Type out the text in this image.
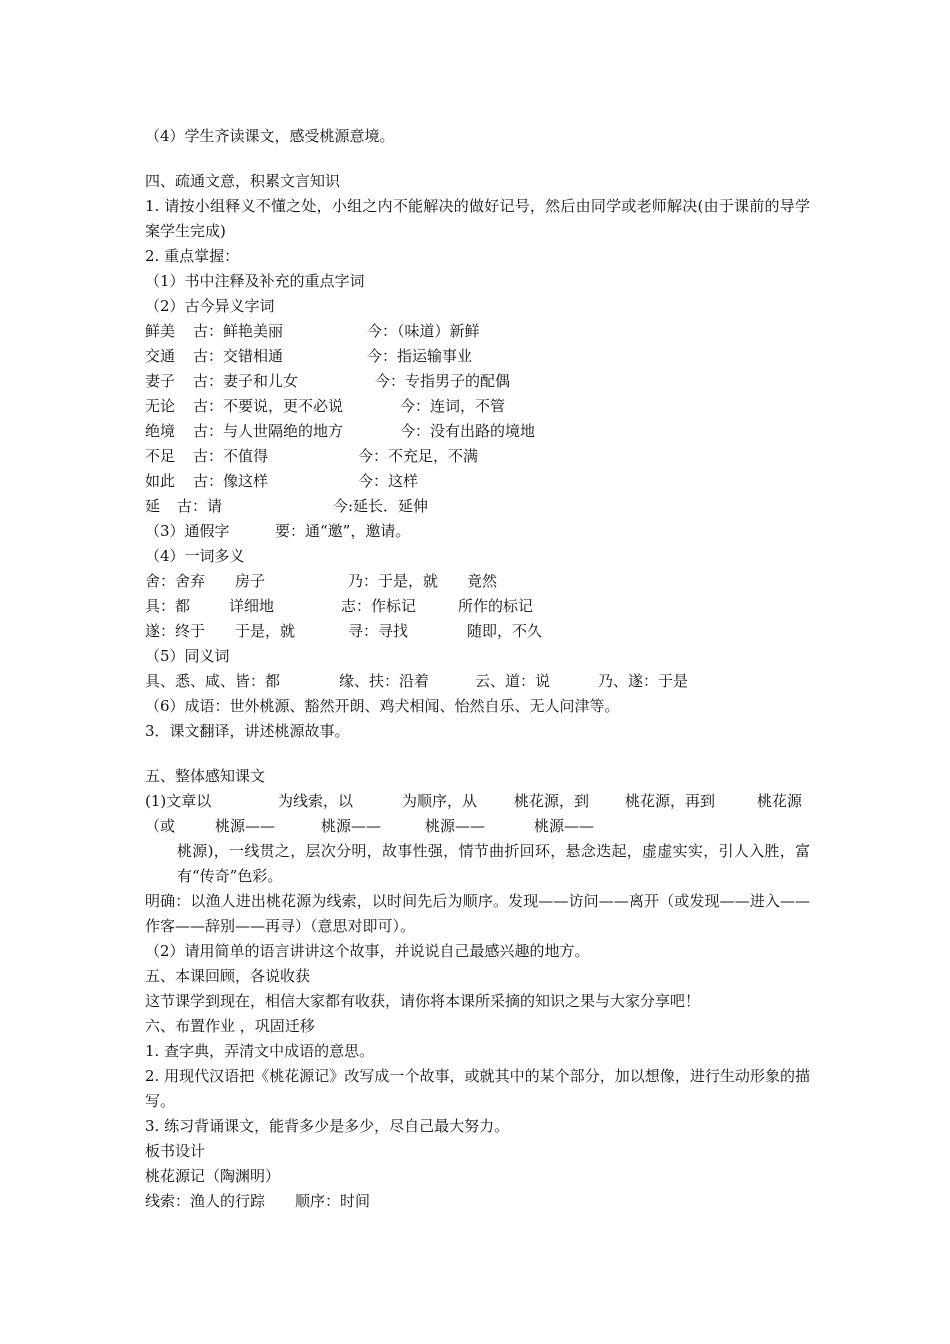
（4）学生齐读课文，感受桃源意境。
四、疏通文意，积累文言知识
1. 请按小组释义不懂之处，小组之内不能解决的做好记号，然后由同学或老师解决(由于课前的导学案学生完成)
2. 重点掌握：
（1）书中注释及补充的重点字词
（2）古今异义字词
鲜美 古：鲜艳美丽	今：（味道）新鲜
交通 古：交错相通	今：指运输事业
妻子 古：妻子和儿女	今：专指男子的配偶
无论 古：不要说，更不必说	今：连词，不管
绝境 古：与人世隔绝的地方	今：没有出路的境地
不足 古：不值得	今：不充足，不满
如此 古：像这样	今：这样
延 古：请	今:延长．延伸
（3）通假字	要：通“邀”，邀请。
（4）一词多义
舍：舍弃 房子	乃：于是，就 竟然
具：都	详细地	志：作标记	所作的标记
遂：终于 于是，就	寻：寻找	随即，不久
（5）同义词
具、悉、咸、皆：都	缘、扶：沿着	云、道：说	乃、遂：于是
（6）成语：世外桃源、豁然开朗、鸡犬相闻、怡然自乐、无人问津等。
3．课文翻译，讲述桃源故事。
五、整体感知课文
(1)文章以	为线索，以	为顺序，从 桃花源，到 桃花源，再到	桃花源
（或	桃源——	桃源——	桃源——	桃源——
桃源)，一线贯之，层次分明，故事性强，情节曲折回环，悬念迭起，虚虚实实，引人入胜，富有“传奇”色彩。
明确：以渔人进出桃花源为线索，以时间先后为顺序。发现——访问——离开（或发现——进入——作客——辞别——再寻）（意思对即可）。
（2）请用简单的语言讲讲这个故事，并说说自己最感兴趣的地方。
五、本课回顾，各说收获
这节课学到现在，相信大家都有收获，请你将本课所采摘的知识之果与大家分享吧！
六、布置作业 ，巩固迁移
1. 查字典，弄清文中成语的意思。
2. 用现代汉语把《桃花源记》改写成一个故事，或就其中的某个部分，加以想像，进行生动形象的描写。
3. 练习背诵课文，能背多少是多少，尽自己最大努力。
板书设计
桃花源记（陶渊明）
线索：渔人的行踪 顺序：时间
